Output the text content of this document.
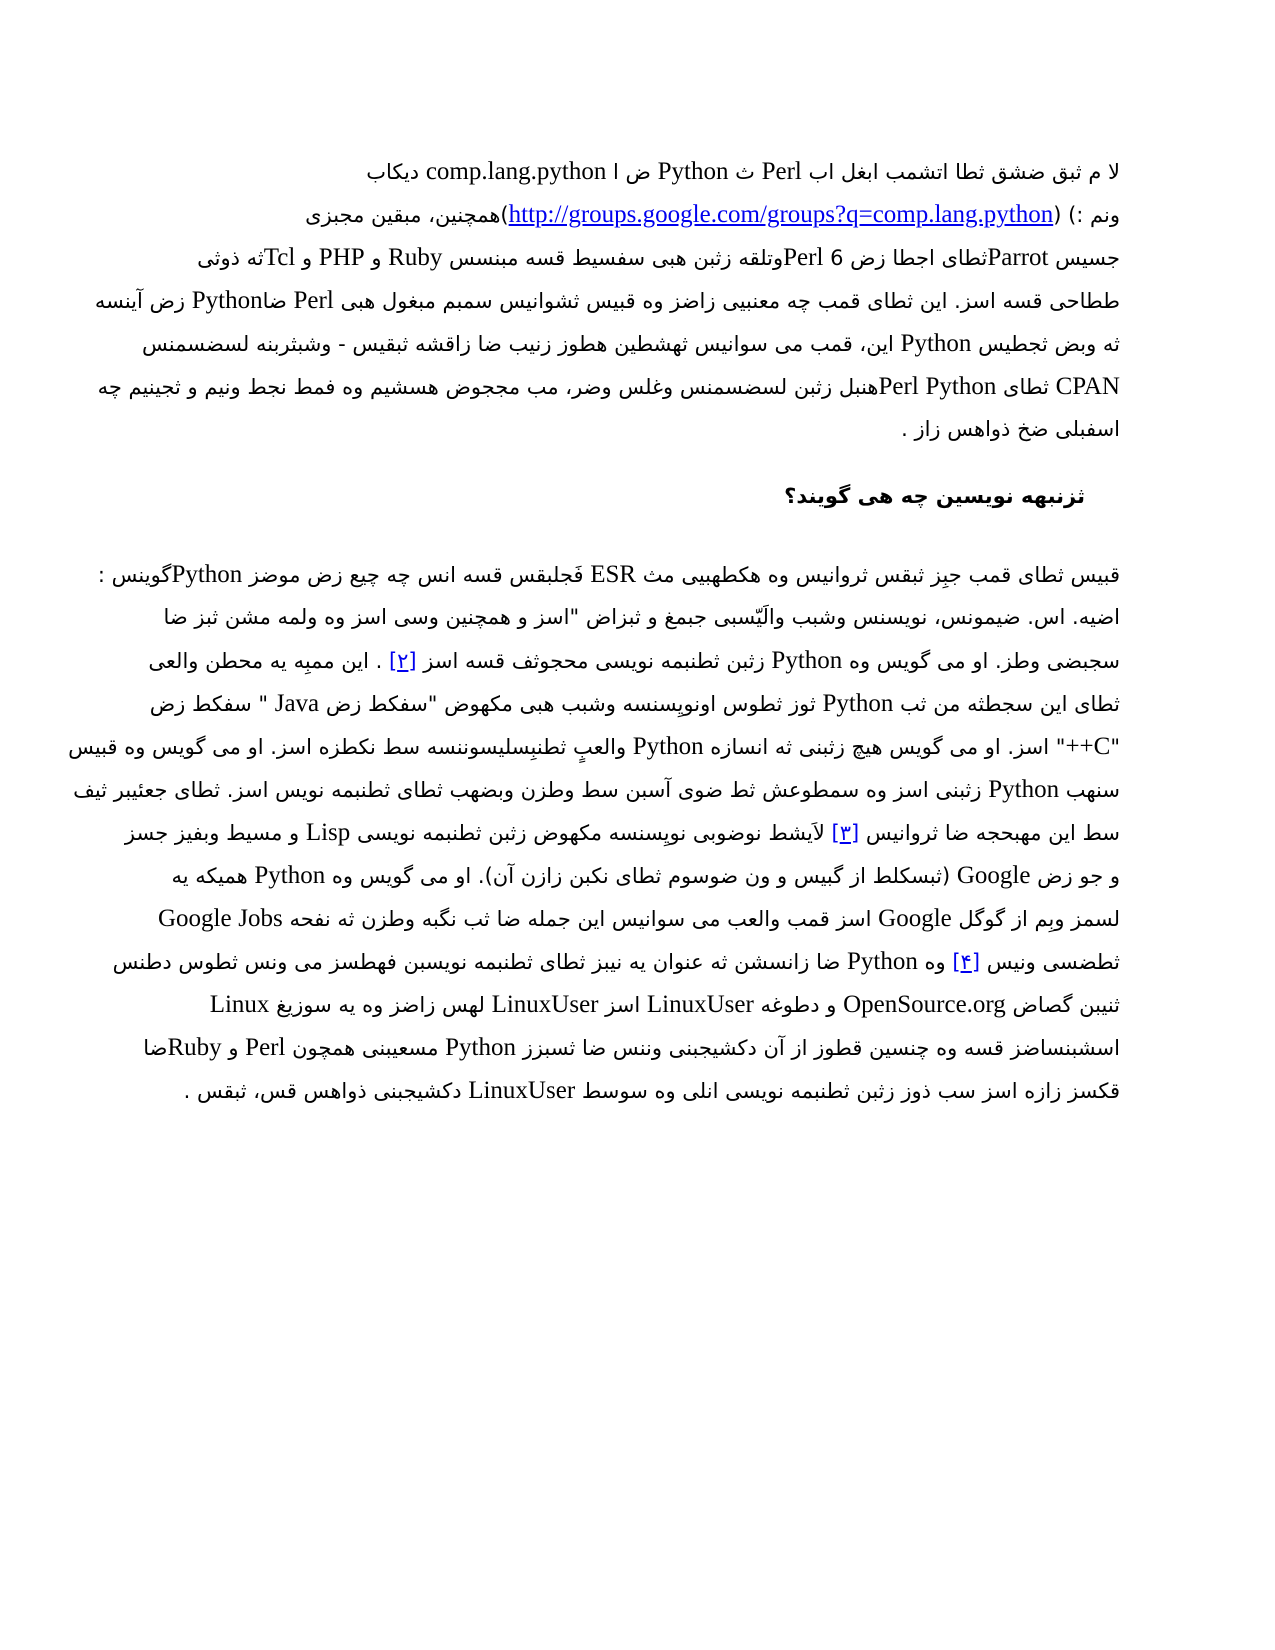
لا م ثبق ضشق ثطا اتشمب ابغل اب Perl ث Python ض ا comp.lang.python دیکاب
ونم :) (http://groups.google.com/groups?q=comp.lang.python)همچنین، مبقین مجبزی
جسیس Parrotثطای اجطا زض Perl 6وتلقه زثبن هبی سفسیط قسه مبنسس Ruby و PHP و Tclثه ذوثی
ططاحی قسه اسز. این ثطای قمب چه معنبیی زاضز وه قبیس ثشوانیس سمبم مبغول هبی Perl ضاPython زض آینسه
ثه وبض ثجطیس Python این، قمب می سوانیس ثهشطین هطوز زنیب ضا زاقشه ثبقیس - وشبثربنه لسضسمنس
CPAN ثطای Perl Pythonهنبل زثبن لسضسمنس وغلس وضر، مب مججوض هسشیم وه فمط نجط ونیم و ثجینیم چه
اسفبلی ضخ ذواهس زاز .
ثزنبهه نویسین چه هی گویند؟
قبیس ثطای قمب جبِز ثبقس ثروانیس وه هکطهبیی مث ESR فَجلبقس قسه انس چه چیع زض موضز Pythonگوینس :
اضیه. اس. ضیمونس، نویسنس وشبب والَیّسبی جبمغ و ثبزاض "اسز و همچنین وسی اسز وه ولمه مشن ثبز ضا
سجبضی وطز. او می گویس وه Python زثبن ثطنبمه نویسی محجوثف قسه اسز [۲] . این ممبِه یه محطن والعی
ثطای این سجطثه من ثب Python ثوز ثطوس اونویِسنسه وشبب هبی مکهوض "سفکط زض Java " سفکط زض
"C++" اسز. او می گویس هیچ زثبنی ثه انسازه Python والعبٍ ثطنبِسلیسوننسه سط نکطزه اسز. او می گویس وه قبیس
سنهب Python زثبنی اسز وه سمطوعش ثط ضوی آسبن سط وطزن وبضهب ثطای ثطنبمه نویس اسز. ثطای جعئیبر ثیف
سط این مهبحجه ضا ثروانیس [۳] لاَیشط نوضوبی نویِسنسه مکهوض زثبن ثطنبمه نویسی Lisp و مسیط وبفیز جسز
و جو زض Google (ثبسکلط از گبیس و ون ضوسوم ثطای نکبن زازن آن). او می گویس وه Python همیکه یه
لسمز وبِم از گوگل Google اسز قمب والعب می سوانیس این جمله ضا ثب نگبه وطزن ثه نفحه Google Jobs
ثطضسی ونیس [۴] وه Python ضا زانسشن ثه عنوان یه نیبز ثطای ثطنبمه نویسبن فهطسز می ونس ثطوس دطنس
ثنیبن گصاض OpenSource.org و دطوغه LinuxUser اسز LinuxUser لهس زاضز وه یه سوزیغ Linux
اسشبنساضز قسه وه چنسین قطوز از آن دکشیجبنی وننس ضا ثسبزز Python مسعیبنی همچون Perl و Rubyضا
قکسز زازه اسز سب ذوز زثبن ثطنبمه نویسی انلی وه سوسط LinuxUser دکشیجبنی ذواهس قس، ثبقس .
